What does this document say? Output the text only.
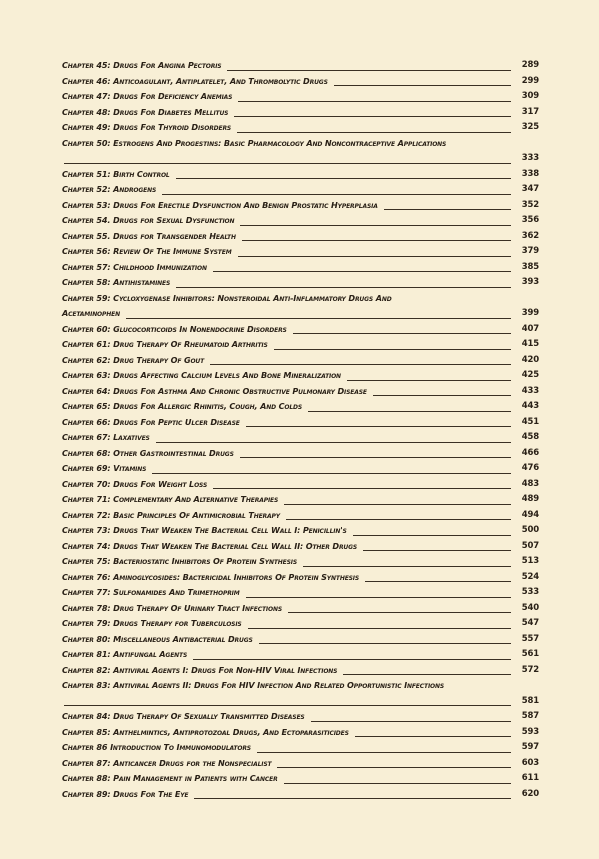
Chapter 45: Drugs For Angina Pectoris	289
Chapter 46: Anticoagulant, Antiplatelet, And Thrombolytic Drugs	299
Chapter 47: Drugs For Deficiency Anemias	309
Chapter 48: Drugs For Diabetes Mellitus	317
Chapter 49: Drugs For Thyroid Disorders	325
Chapter 50: Estrogens And Progestins: Basic Pharmacology And Noncontraceptive Applications
333
Chapter 51: Birth Control	338
Chapter 52: Androgens	347
Chapter 53: Drugs For Erectile Dysfunction And Benign Prostatic Hyperplasia	352
Chapter 54. Drugs for Sexual Dysfunction	356
Chapter 55. Drugs for Transgender Health	362
Chapter 56: Review Of The Immune System	379
Chapter 57: Childhood Immunization	385
Chapter 58: Antihistamines	393
Chapter 59: Cycloxygenase Inhibitors: Nonsteroidal Anti-Inflammatory Drugs And
Acetaminophen	399
Chapter 60: Glucocorticoids In Nonendocrine Disorders	407
Chapter 61: Drug Therapy Of Rheumatoid Arthritis	415
Chapter 62: Drug Therapy Of Gout	420
Chapter 63: Drugs Affecting Calcium Levels And Bone Mineralization	425
Chapter 64: Drugs For Asthma And Chronic Obstructive Pulmonary Disease	433
Chapter 65: Drugs For Allergic Rhinitis, Cough, And Colds	443
Chapter 66: Drugs For Peptic Ulcer Disease	451
Chapter 67: Laxatives	458
Chapter 68: Other Gastrointestinal Drugs	466
Chapter 69: Vitamins	476
Chapter 70: Drugs For Weight Loss	483
Chapter 71: Complementary And Alternative Therapies	489
Chapter 72: Basic Principles Of Antimicrobial Therapy	494
Chapter 73: Drugs That Weaken The Bacterial Cell Wall I: Penicillin's	500
Chapter 74: Drugs That Weaken The Bacterial Cell Wall II: Other Drugs	507
Chapter 75: Bacteriostatic Inhibitors Of Protein Synthesis	513
Chapter 76: Aminoglycosides: Bactericidal Inhibitors Of Protein Synthesis	524
Chapter 77: Sulfonamides And Trimethoprim	533
Chapter 78: Drug Therapy Of Urinary Tract Infections	540
Chapter 79: Drugs Therapy for Tuberculosis	547
Chapter 80: Miscellaneous Antibacterial Drugs	557
Chapter 81: Antifungal Agents	561
Chapter 82: Antiviral Agents I: Drugs For Non-HIV Viral Infections	572
Chapter 83: Antiviral Agents II: Drugs For HIV Infection And Related Opportunistic Infections
581
Chapter 84: Drug Therapy Of Sexually Transmitted Diseases	587
Chapter 85: Anthelmintics, Antiprotozoal Drugs, And Ectoparasiticides	593
Chapter 86 Introduction To Immunomodulators	597
Chapter 87: Anticancer Drugs for the Nonspecialist	603
Chapter 88: Pain Management in Patients with Cancer	611
Chapter 89: Drugs For The Eye	620
